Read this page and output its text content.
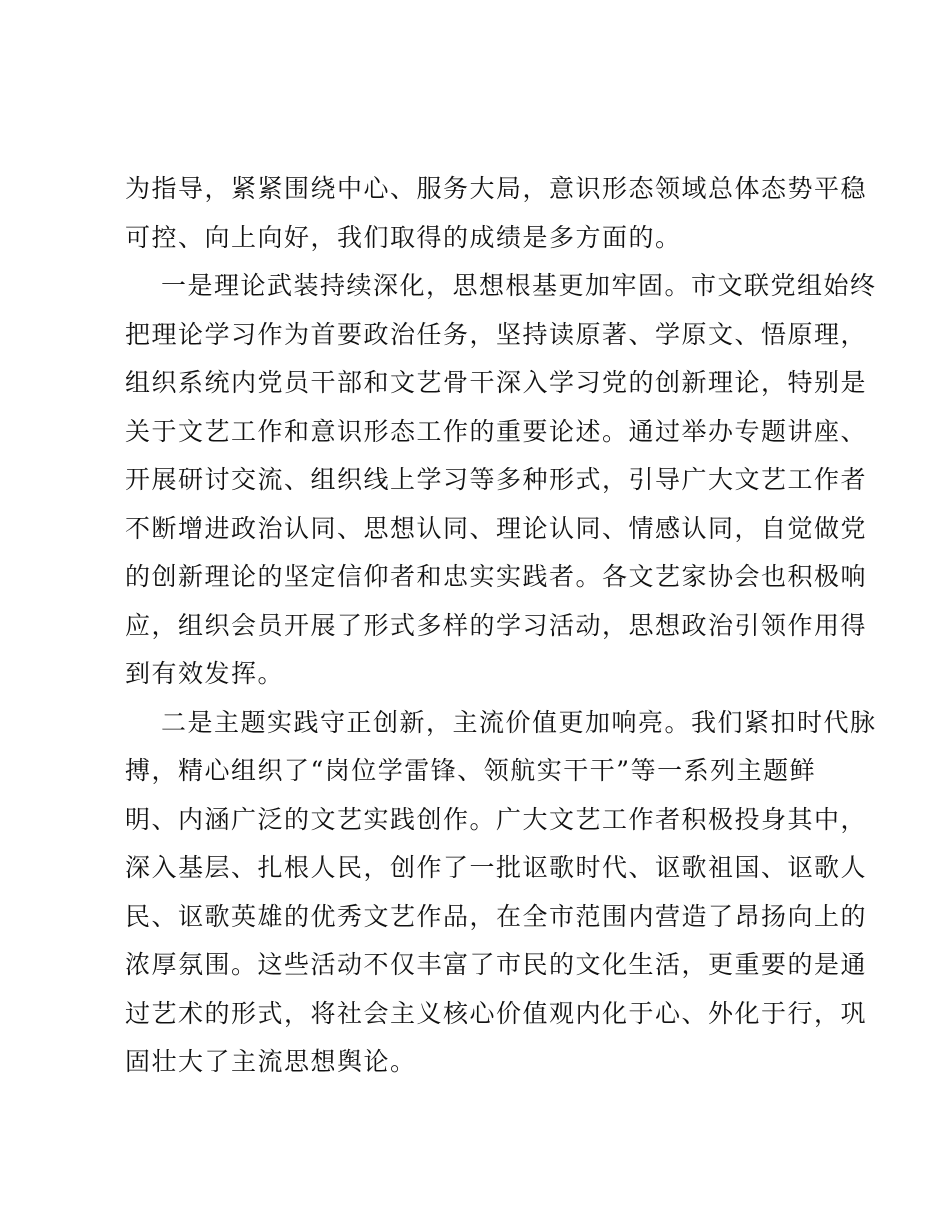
为指导，紧紧围绕中心、服务大局，意识形态领域总体态势平稳
可控、向上向好，我们取得的成绩是多方面的。
一是理论武装持续深化，思想根基更加牢固。市文联党组始终
把理论学习作为首要政治任务，坚持读原著、学原文、悟原理，
组织系统内党员干部和文艺骨干深入学习党的创新理论，特别是
关于文艺工作和意识形态工作的重要论述。通过举办专题讲座、
开展研讨交流、组织线上学习等多种形式，引导广大文艺工作者
不断增进政治认同、思想认同、理论认同、情感认同，自觉做党
的创新理论的坚定信仰者和忠实实践者。各文艺家协会也积极响
应，组织会员开展了形式多样的学习活动，思想政治引领作用得
到有效发挥。
二是主题实践守正创新，主流价值更加响亮。我们紧扣时代脉
搏，精心组织了“岗位学雷锋、领航实干干”等一系列主题鲜
明、内涵广泛的文艺实践创作。广大文艺工作者积极投身其中，
深入基层、扎根人民，创作了一批讴歌时代、讴歌祖国、讴歌人
民、讴歌英雄的优秀文艺作品，在全市范围内营造了昂扬向上的
浓厚氛围。这些活动不仅丰富了市民的文化生活，更重要的是通
过艺术的形式，将社会主义核心价值观内化于心、外化于行，巩
固壮大了主流思想舆论。
